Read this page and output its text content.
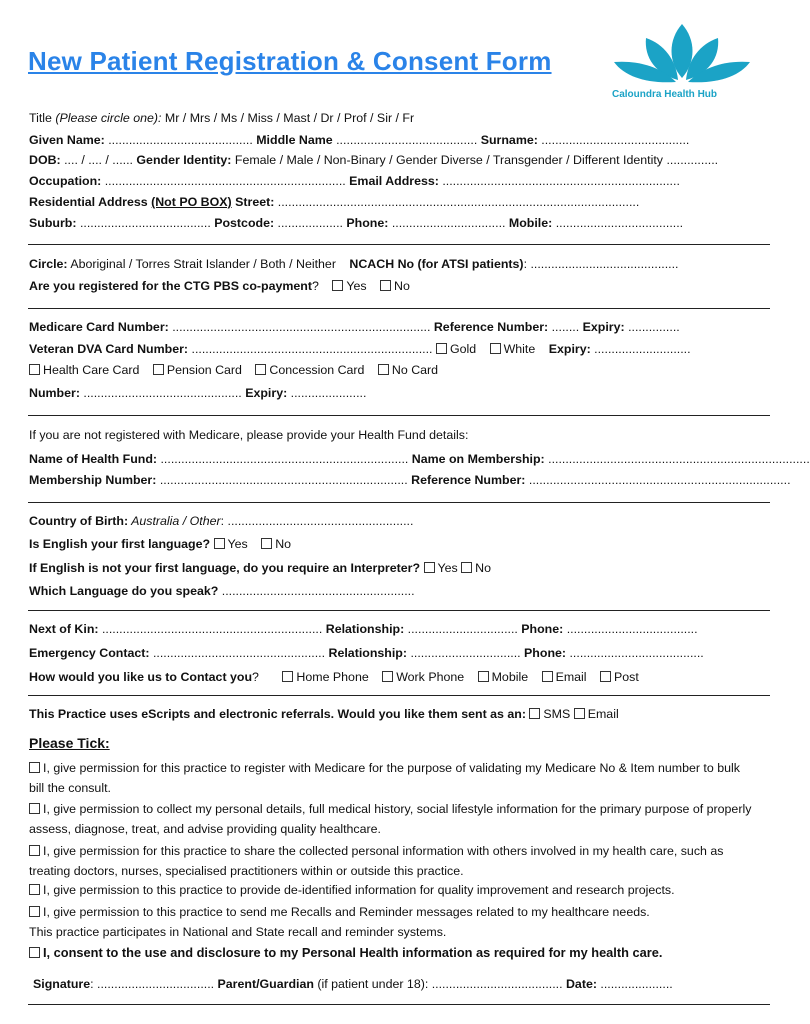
New Patient Registration & Consent Form
Caloundra Health Hub
Title (Please circle one): Mr / Mrs / Ms / Miss / Mast / Dr / Prof / Sir / Fr
Given Name: .......................................... Middle Name ......................................... Surname: ...........................................
DOB: .... / .... / ...... Gender Identity: Female / Male / Non-Binary / Gender Diverse / Transgender / Different Identity ...............
Occupation: ...................................................................... Email Address: .....................................................................
Residential Address (Not PO BOX) Street: .........................................................................................................
Suburb: ...................................... Postcode: ................... Phone: ................................. Mobile: .....................................
Circle: Aboriginal / Torres Strait Islander / Both / Neither NCACH No (for ATSI patients): ...........................................
Are you registered for the CTG PBS co-payment? Yes No
Medicare Card Number: ........................................................................... Reference Number: ........ Expiry: ...............
Veteran DVA Card Number: ...................................................................... Gold White Expiry: ............................
Health Care Card Pension Card Concession Card No Card
Number: .............................................. Expiry: ......................
If you are not registered with Medicare, please provide your Health Fund details:
Name of Health Fund: ........................................................................ Name on Membership: ............................................................................
Membership Number: ........................................................................ Reference Number: ............................................................................
Country of Birth: Australia / Other: ......................................................
Is English your first language? Yes No
If English is not your first language, do you require an Interpreter? Yes No
Which Language do you speak? ........................................................
Next of Kin: ................................................................ Relationship: ................................ Phone: ......................................
Emergency Contact: .................................................. Relationship: ................................ Phone: .......................................
How would you like us to Contact you?	Home Phone Work Phone Mobile Email Post
This Practice uses eScripts and electronic referrals. Would you like them sent as an: SMS Email
Please Tick:
I, give permission for this practice to register with Medicare for the purpose of validating my Medicare No & Item number to bulk bill the consult.
I, give permission to collect my personal details, full medical history, social lifestyle information for the primary purpose of properly assess, diagnose, treat, and advise providing quality healthcare.
I, give permission for this practice to share the collected personal information with others involved in my health care, such as treating doctors, nurses, specialised practitioners within or outside this practice.
I, give permission to this practice to provide de-identified information for quality improvement and research projects.
I, give permission to this practice to send me Recalls and Reminder messages related to my healthcare needs.
This practice participates in National and State recall and reminder systems.
I, consent to the use and disclosure to my Personal Health information as required for my health care.
Signature: .................................. Parent/Guardian (if patient under 18): ...................................... Date: .....................
